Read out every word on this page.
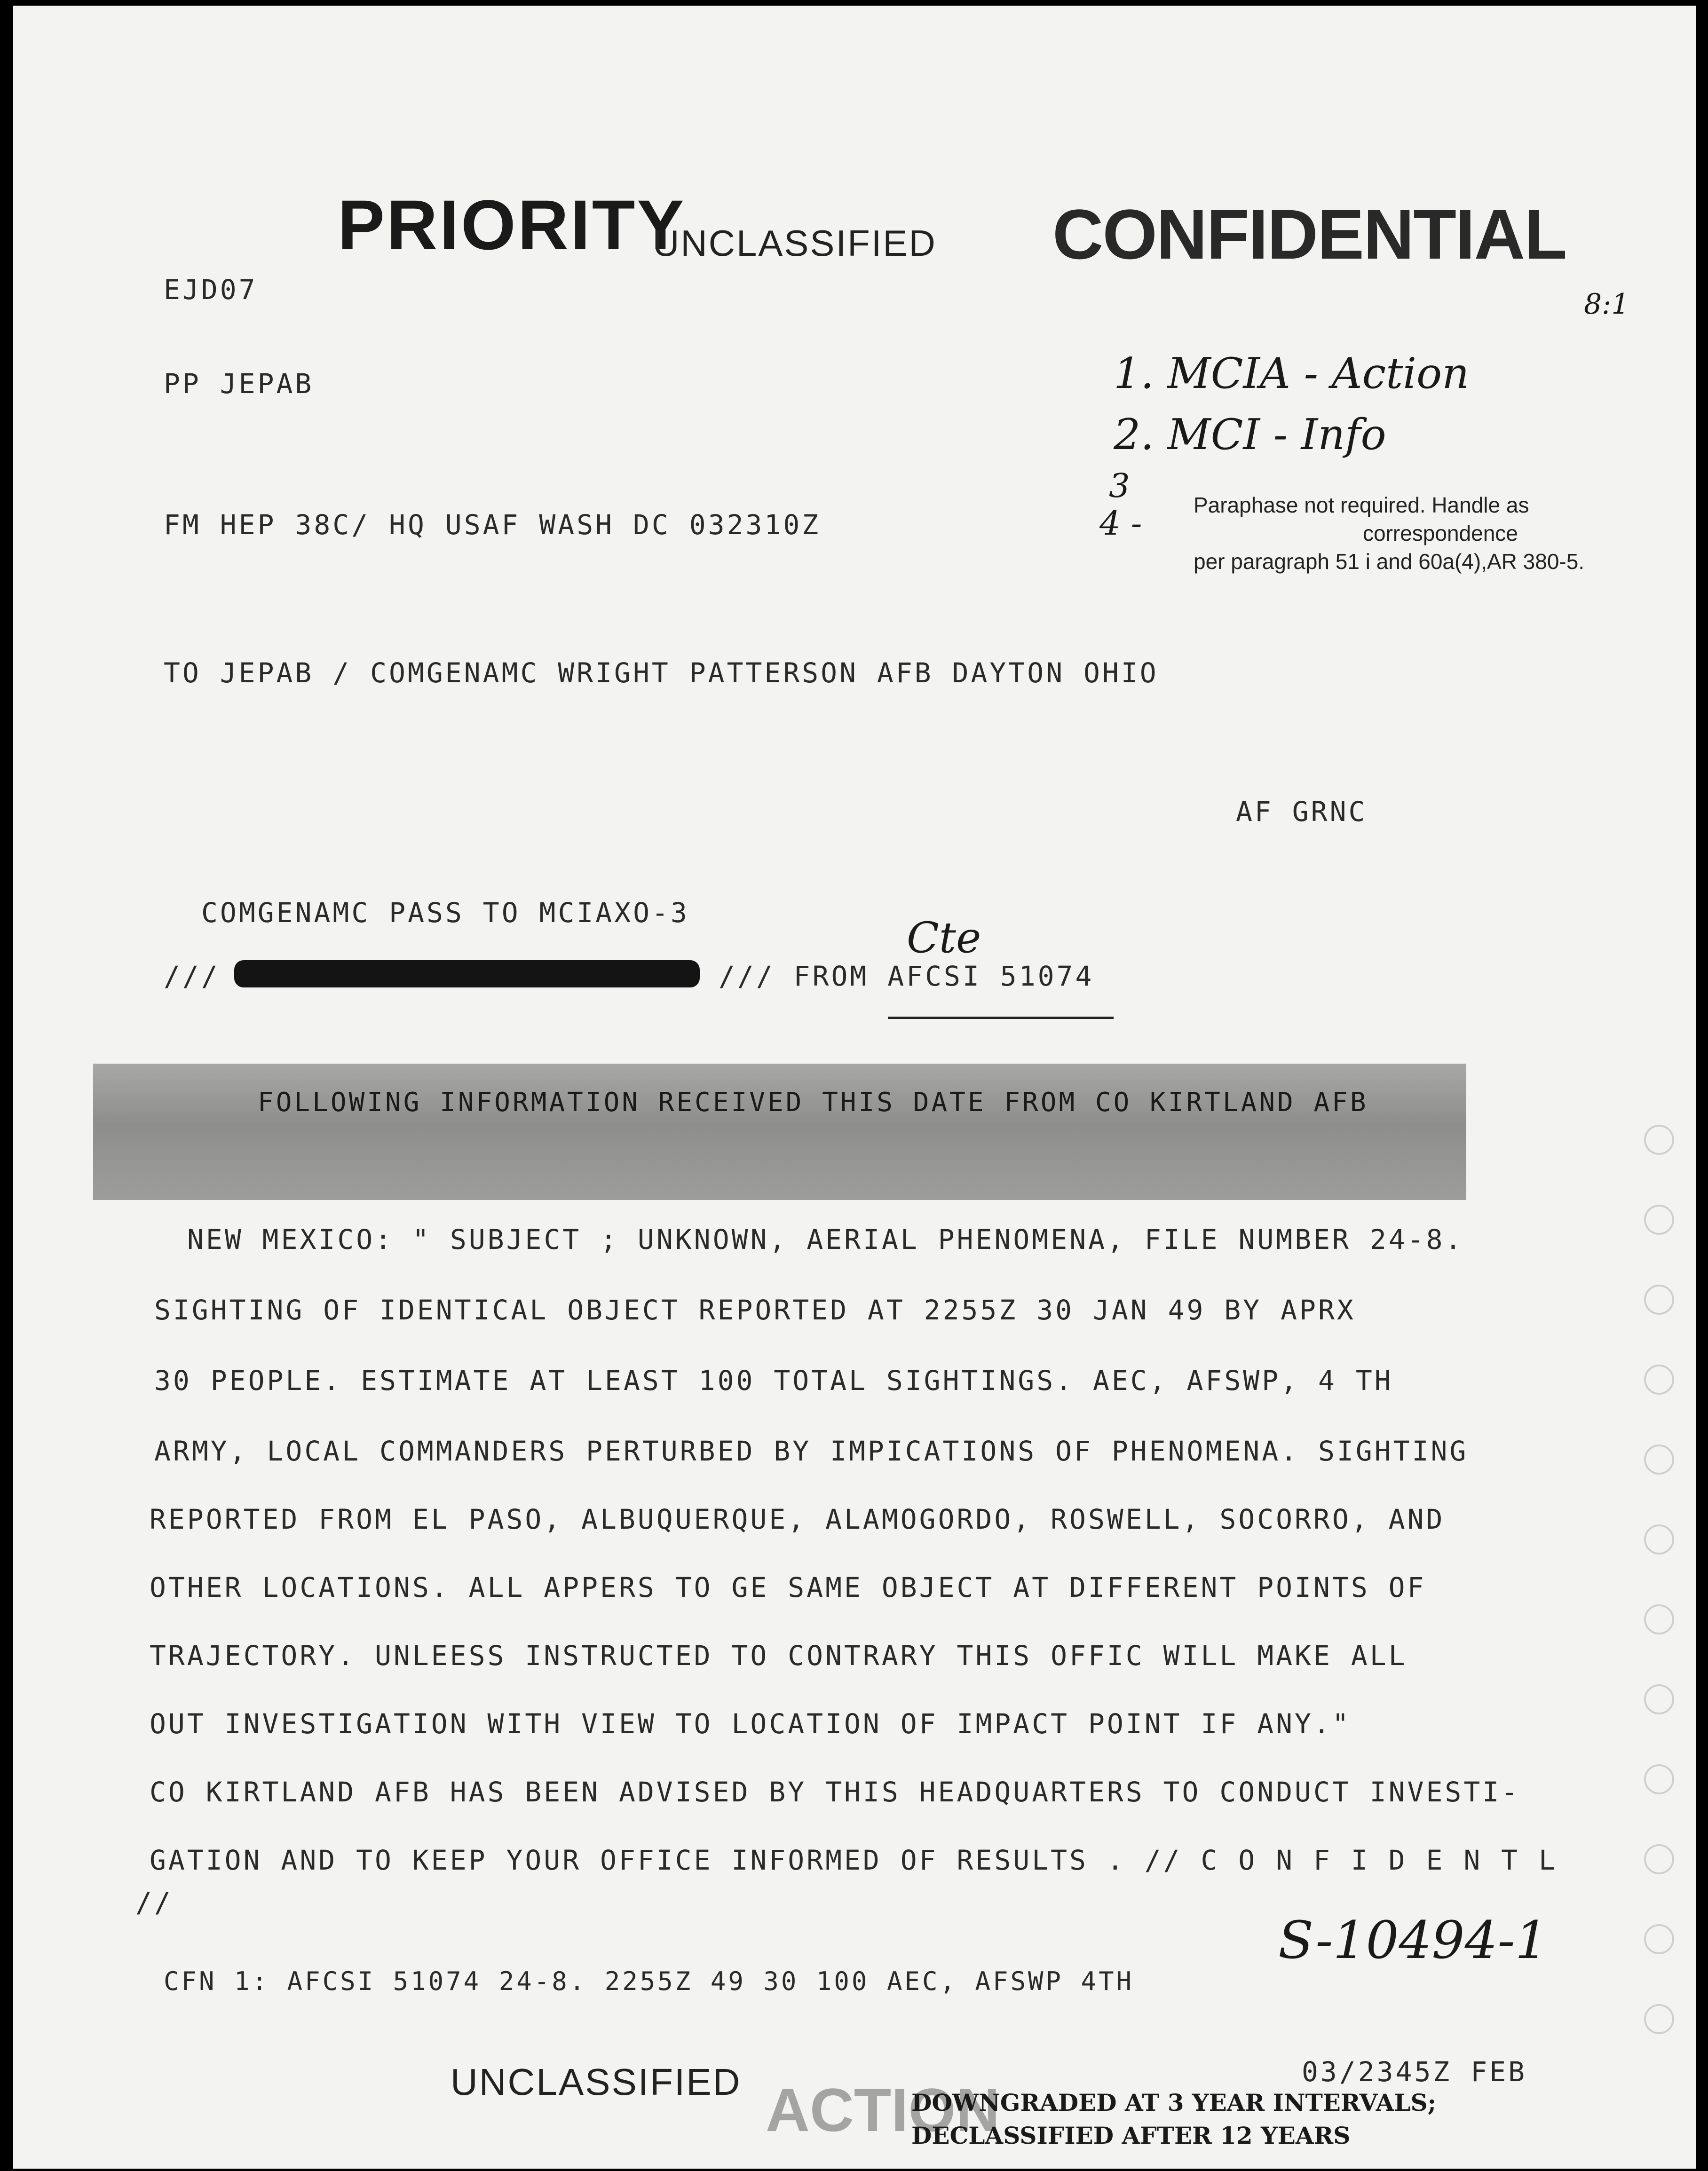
PRIORITY
UNCLASSIFIED CONFIDENTIAL
8:1
EJD07
PP JEPAB
FM HEP 38C/ HQ USAF WASH DC 032310Z
TO JEPAB / COMGENAMC WRIGHT PATTERSON AFB DAYTON OHIO
AF GRNC
COMGENAMC PASS TO MCIAXO-3
///	/// FROM AFCSI 51074
1. MCIA - Action
2. MCI - Info
3
4 -
Cte
S-10494-1
Paraphase not required. Handle as
correspondence
per paragraph 51 i and 60a(4),AR 380-5.
FOLLOWING INFORMATION RECEIVED THIS DATE FROM CO KIRTLAND AFB
NEW MEXICO: " SUBJECT ; UNKNOWN, AERIAL PHENOMENA, FILE NUMBER 24-8.
SIGHTING OF IDENTICAL OBJECT REPORTED AT 2255Z 30 JAN 49 BY APRX
30 PEOPLE. ESTIMATE AT LEAST 100 TOTAL SIGHTINGS. AEC, AFSWP, 4 TH
ARMY, LOCAL COMMANDERS PERTURBED BY IMPICATIONS OF PHENOMENA. SIGHTING
REPORTED FROM EL PASO, ALBUQUERQUE, ALAMOGORDO, ROSWELL, SOCORRO, AND
OTHER LOCATIONS. ALL APPERS TO GE SAME OBJECT AT DIFFERENT POINTS OF
TRAJECTORY. UNLEESS INSTRUCTED TO CONTRARY THIS OFFIC WILL MAKE ALL
OUT INVESTIGATION WITH VIEW TO LOCATION OF IMPACT POINT IF ANY."
CO KIRTLAND AFB HAS BEEN ADVISED BY THIS HEADQUARTERS TO CONDUCT INVESTI-
GATION AND TO KEEP YOUR OFFICE INFORMED OF RESULTS . // C O N F I D E N T L
//
CFN 1: AFCSI 51074 24-8. 2255Z 49 30 100 AEC, AFSWP 4TH
03/2345Z FEB
UNCLASSIFIED ACTION
DOWNGRADED AT 3 YEAR INTERVALS;
DECLASSIFIED AFTER 12 YEARS
